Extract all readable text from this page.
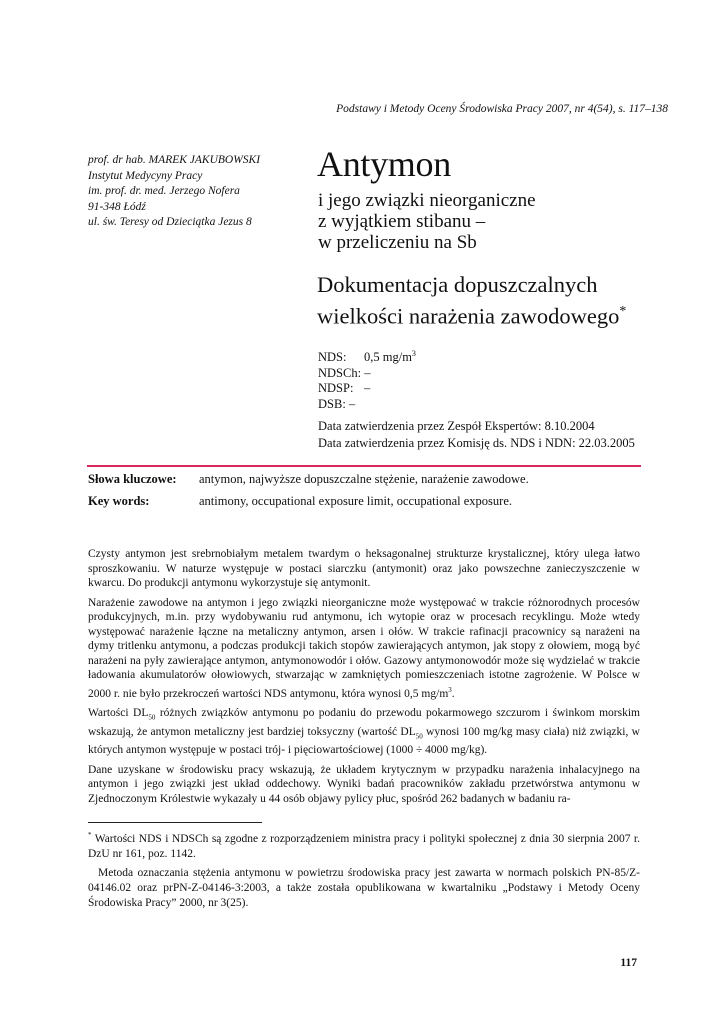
Podstawy i Metody Oceny Środowiska Pracy 2007, nr 4(54), s. 117–138
prof. dr hab. MAREK JAKUBOWSKI
Instytut Medycyny Pracy
im. prof. dr. med. Jerzego Nofera
91-348 Łódź
ul. św. Teresy od Dzieciątka Jezus 8
Antymon
i jego związki nieorganiczne
z wyjątkiem stibanu –
w przeliczeniu na Sb
Dokumentacja dopuszczalnych
wielkości narażenia zawodowego*
NDS: 0,5 $mg/m^3$
NDSCh: –
NDSP: –
DSB: –
Data zatwierdzenia przez Zespół Ekspertów: 8.10.2004
Data zatwierdzenia przez Komisję ds. NDS i NDN: 22.03.2005
Słowa kluczowe: antymon, najwyższe dopuszczalne stężenie, narażenie zawodowe.
Key words:	antimony, occupational exposure limit, occupational exposure.

Czysty antymon jest srebrnobiałym metalem twardym o heksagonalnej strukturze krystalicznej, który ulega łatwo sproszkowaniu. W naturze występuje w postaci siarczku (antymonit) oraz jako powszechne zanieczyszczenie w kwarcu. Do produkcji antymonu wykorzystuje się antymonit.

Narażenie zawodowe na antymon i jego związki nieorganiczne może występować w trakcie różnorodnych procesów produkcyjnych, m.in. przy wydobywaniu rud antymonu, ich wytopie oraz w procesach recyklingu. Może wtedy występować narażenie łączne na metaliczny antymon, arsen i ołów. W trakcie rafinacji pracownicy są narażeni na dymy tritlenku antymonu, a podczas produkcji takich stopów zawierających antymon, jak stopy z ołowiem, mogą być narażeni na pyły zawierające antymon, antymonowodór i ołów. Gazowy antymonowodór może się wydzielać w trakcie ładowania akumulatorów ołowiowych, stwarzając w zamkniętych pomieszczeniach istotne zagrożenie. W Polsce w 2000 r. nie było przekroczeń wartości NDS antymonu, która wynosi 0,5 $mg/m^3$.

Wartości $DL_{50}$ różnych związków antymonu po podaniu do przewodu pokarmowego szczurom i świnkom morskim wskazują, że antymon metaliczny jest bardziej toksyczny (wartość $DL_{50}$ wynosi 100 mg/kg masy ciała) niż związki, w których antymon występuje w postaci trój- i pięciowartościowej (1000 ÷ 4000 mg/kg).

Dane uzyskane w środowisku pracy wskazują, że układem krytycznym w przypadku narażenia inhalacyjnego na antymon i jego związki jest układ oddechowy. Wyniki badań pracowników zakładu przetwórstwa antymonu w Zjednoczonym Królestwie wykazały u 44 osób objawy pylicy płuc, spośród 262 badanych w badaniu ra-

* Wartości NDS i NDSCh są zgodne z rozporządzeniem ministra pracy i polityki społecznej z dnia 30 sierpnia 2007 r. DzU nr 161, poz. 1142.

Metoda oznaczania stężenia antymonu w powietrzu środowiska pracy jest zawarta w normach polskich PN-85/Z-04146.02 oraz prPN-Z-04146-3:2003, a także została opublikowana w kwartalniku „Podstawy i Metody Oceny Środowiska Pracy” 2000, nr 3(25).

117
